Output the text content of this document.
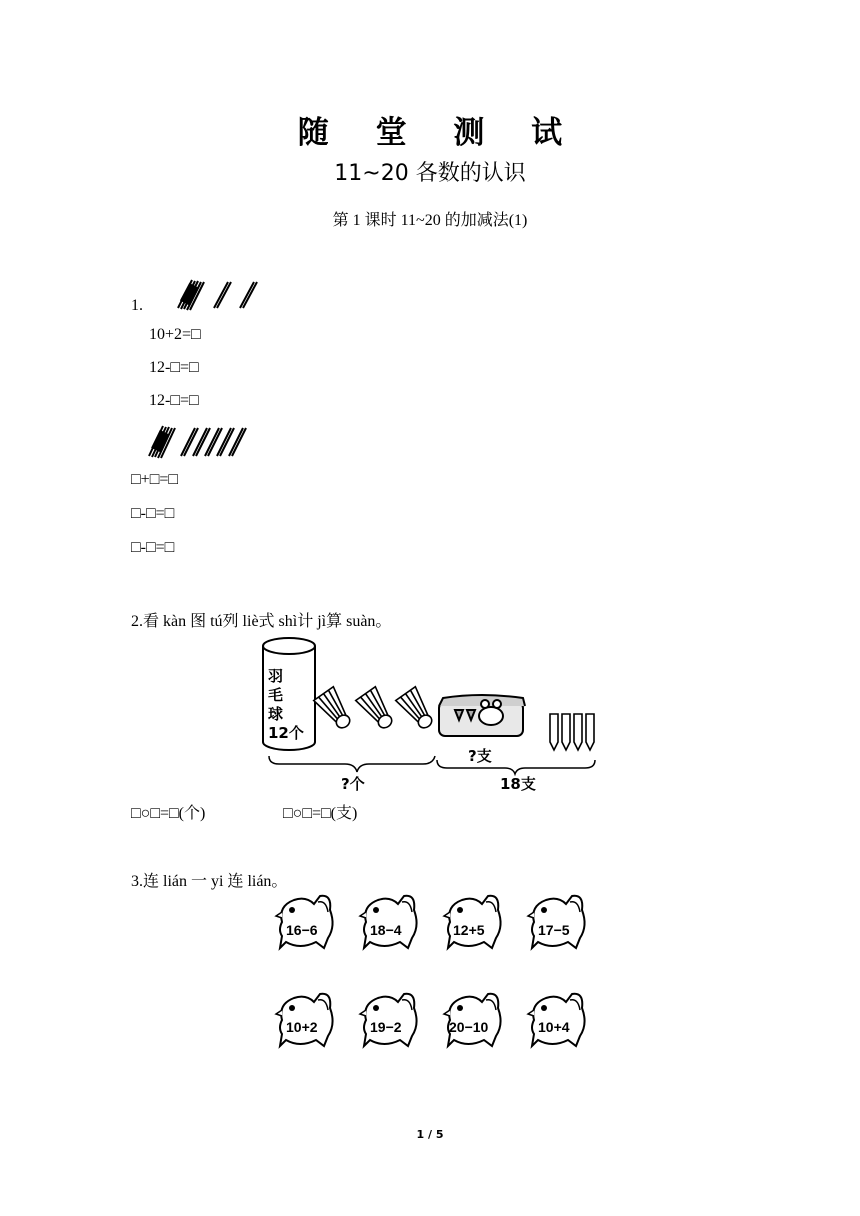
随 堂 测 试
11~20 各数的认识
第 1 课时 11~20 的加减法(1)
1.
10+2=□
12-□=□
12-□=□
□+□=□
□-□=□
□-□=□
2.看 kàn 图 tú列 liè式 shì计 jì算 suàn。
羽
毛
球
12个
?支
?个	18支
□○□=□(个)	□○□=□(支)
3.连 lián 一 yi 连 lián。
16−6	18−4	12+5	17−5
10+2	19−2	20−10	10+4
1 / 5
